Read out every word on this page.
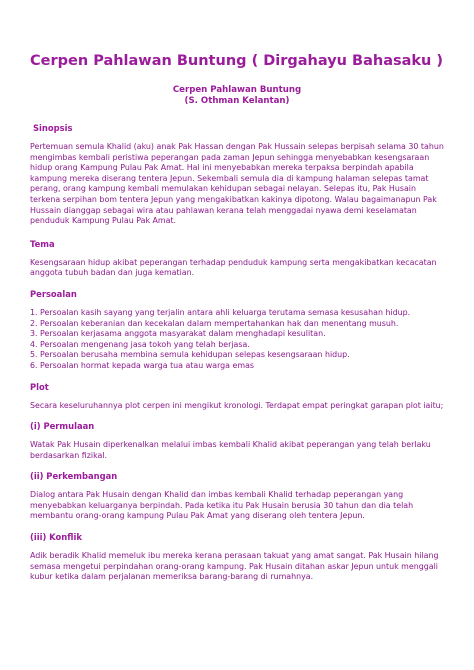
Cerpen Pahlawan Buntung ( Dirgahayu Bahasaku )
Cerpen Pahlawan Buntung
(S. Othman Kelantan)
Sinopsis
Pertemuan semula Khalid (aku) anak Pak Hassan dengan Pak Hussain selepas berpisah selama 30 tahun mengimbas kembali peristiwa peperangan pada zaman Jepun sehingga menyebabkan kesengsaraan hidup orang Kampung Pulau Pak Amat. Hal ini menyebabkan mereka terpaksa berpindah apabila kampung mereka diserang tentera Jepun. Sekembali semula dia di kampung halaman selepas tamat perang, orang kampung kembali memulakan kehidupan sebagai nelayan. Selepas itu, Pak Husain terkena serpihan bom tentera Jepun yang mengakibatkan kakinya dipotong. Walau bagaimanapun Pak Hussain dianggap sebagai wira atau pahlawan kerana telah menggadai nyawa demi keselamatan penduduk Kampung Pulau Pak Amat.
Tema
Kesengsaraan hidup akibat peperangan terhadap penduduk kampung serta mengakibatkan kecacatan anggota tubuh badan dan juga kematian.
Persoalan
1. Persoalan kasih sayang yang terjalin antara ahli keluarga terutama semasa kesusahan hidup.
2. Persoalan keberanian dan kecekalan dalam mempertahankan hak dan menentang musuh.
3. Persoalan kerjasama anggota masyarakat dalam menghadapi kesulitan.
4. Persoalan mengenang jasa tokoh yang telah berjasa.
5. Persoalan berusaha membina semula kehidupan selepas kesengsaraan hidup.
6. Persoalan hormat kepada warga tua atau warga emas
Plot
Secara keseluruhannya plot cerpen ini mengikut kronologi. Terdapat empat peringkat garapan plot iaitu;
(i) Permulaan
Watak Pak Husain diperkenalkan melalui imbas kembali Khalid akibat peperangan yang telah berlaku berdasarkan fizikal.
(ii) Perkembangan
Dialog antara Pak Husain dengan Khalid dan imbas kembali Khalid terhadap peperangan yang menyebabkan keluarganya berpindah. Pada ketika itu Pak Husain berusia 30 tahun dan dia telah membantu orang-orang kampung Pulau Pak Amat yang diserang oleh tentera Jepun.
(iii) Konflik
Adik beradik Khalid memeluk ibu mereka kerana perasaan takuat yang amat sangat. Pak Husain hilang semasa mengetui perpindahan orang-orang kampung. Pak Husain ditahan askar Jepun untuk menggali kubur ketika dalam perjalanan memeriksa barang-barang di rumahnya.
